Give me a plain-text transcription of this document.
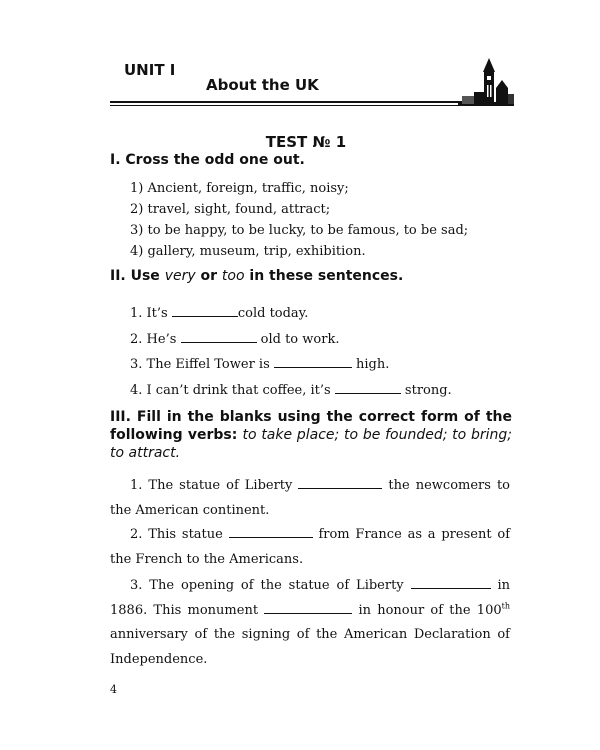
UNIT I
About the UK
TEST № 1
I. Cross the odd one out.
1) Ancient, foreign, traffic, noisy;
2) travel, sight, found, attract;
3) to be happy, to be lucky, to be famous, to be sad;
4) gallery, museum, trip, exhibition.
II. Use very or too in these sentences.
1. It’s	cold today.
2. He’s	old to work.
3. The Eiffel Tower is	high.
4. I can’t drink that coffee, it’s	strong.
III. Fill in the blanks using the correct form of the following verbs: to take place; to be founded; to bring; to attract.
1. The statue of Liberty	the newcomers to the American continent.
2. This statue	from France as a present of the French to the Americans.
3. The opening of the statue of Liberty	in 1886. This monument	in honour of the 100th anniversary of the signing of the American Declaration of Independence.
4
